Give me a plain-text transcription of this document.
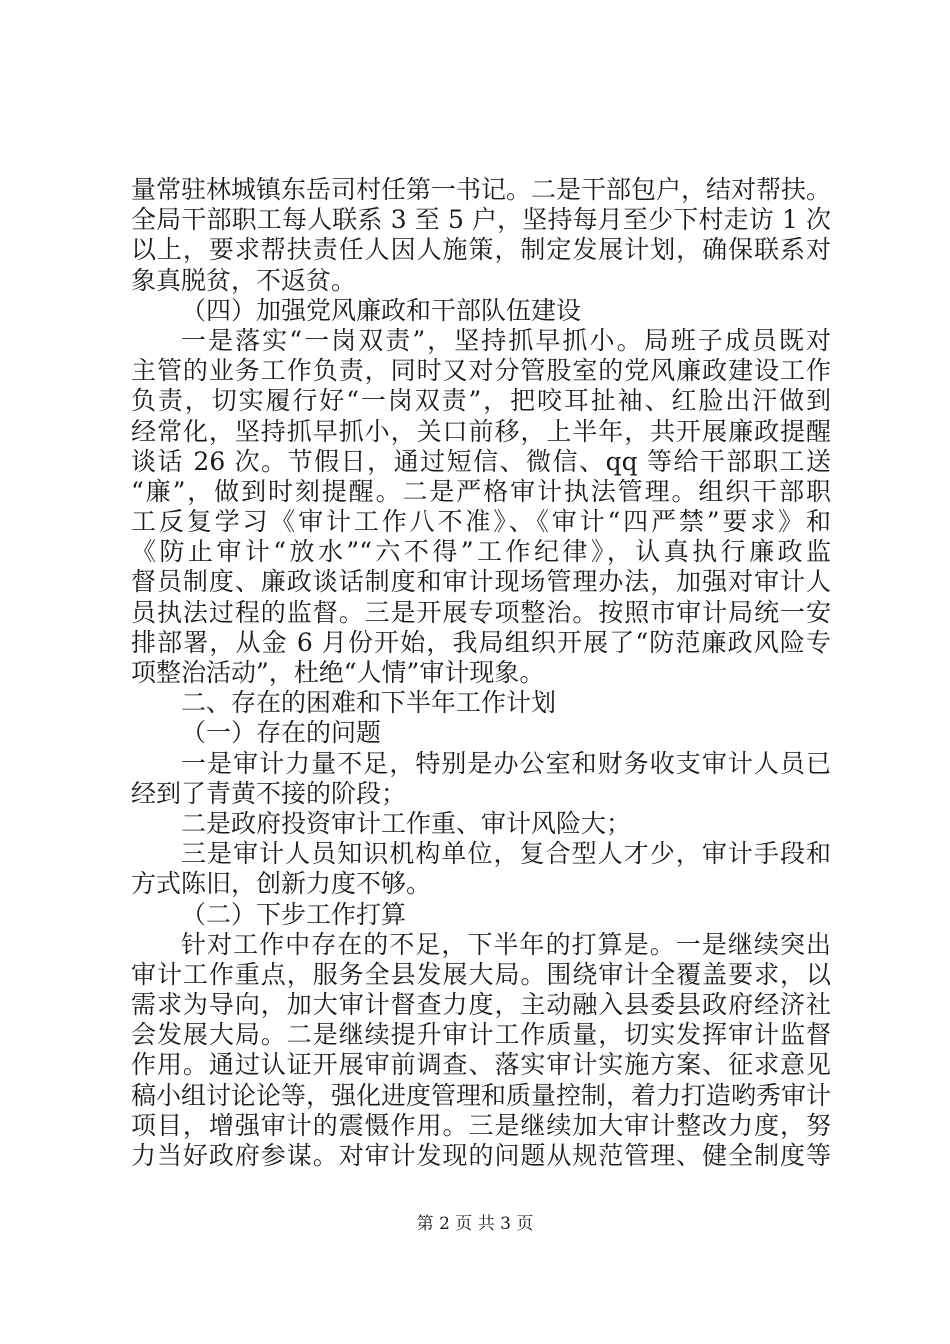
量常驻林城镇东岳司村任第一书记。二是干部包户，结对帮扶。
全局干部职工每人联系 3 至 5 户，坚持每月至少下村走访 1 次
以上，要求帮扶责任人因人施策，制定发展计划，确保联系对
象真脱贫，不返贫。
（四）加强党风廉政和干部队伍建设
一是落实“一岗双责”，坚持抓早抓小。局班子成员既对
主管的业务工作负责，同时又对分管股室的党风廉政建设工作
负责，切实履行好“一岗双责”，把咬耳扯袖、红脸出汗做到
经常化，坚持抓早抓小，关口前移，上半年，共开展廉政提醒
谈话 26 次。节假日，通过短信、微信、qq 等给干部职工送
“廉”，做到时刻提醒。二是严格审计执法管理。组织干部职
工反复学习《审计工作八不准》、《审计“四严禁”要求》和
《防止审计“放水”“六不得”工作纪律》，认真执行廉政监
督员制度、廉政谈话制度和审计现场管理办法，加强对审计人
员执法过程的监督。三是开展专项整治。按照市审计局统一安
排部署，从金 6 月份开始，我局组织开展了“防范廉政风险专
项整治活动”，杜绝“人情”审计现象。
二、存在的困难和下半年工作计划
（一）存在的问题
一是审计力量不足，特别是办公室和财务收支审计人员已
经到了青黄不接的阶段；
二是政府投资审计工作重、审计风险大；
三是审计人员知识机构单位，复合型人才少，审计手段和
方式陈旧，创新力度不够。
（二）下步工作打算
针对工作中存在的不足，下半年的打算是。一是继续突出
审计工作重点，服务全县发展大局。围绕审计全覆盖要求，以
需求为导向，加大审计督查力度，主动融入县委县政府经济社
会发展大局。二是继续提升审计工作质量，切实发挥审计监督
作用。通过认证开展审前调查、落实审计实施方案、征求意见
稿小组讨论论等，强化进度管理和质量控制，着力打造哟秀审计
项目，增强审计的震慑作用。三是继续加大审计整改力度，努
力当好政府参谋。对审计发现的问题从规范管理、健全制度等
第 2 页 共 3 页
